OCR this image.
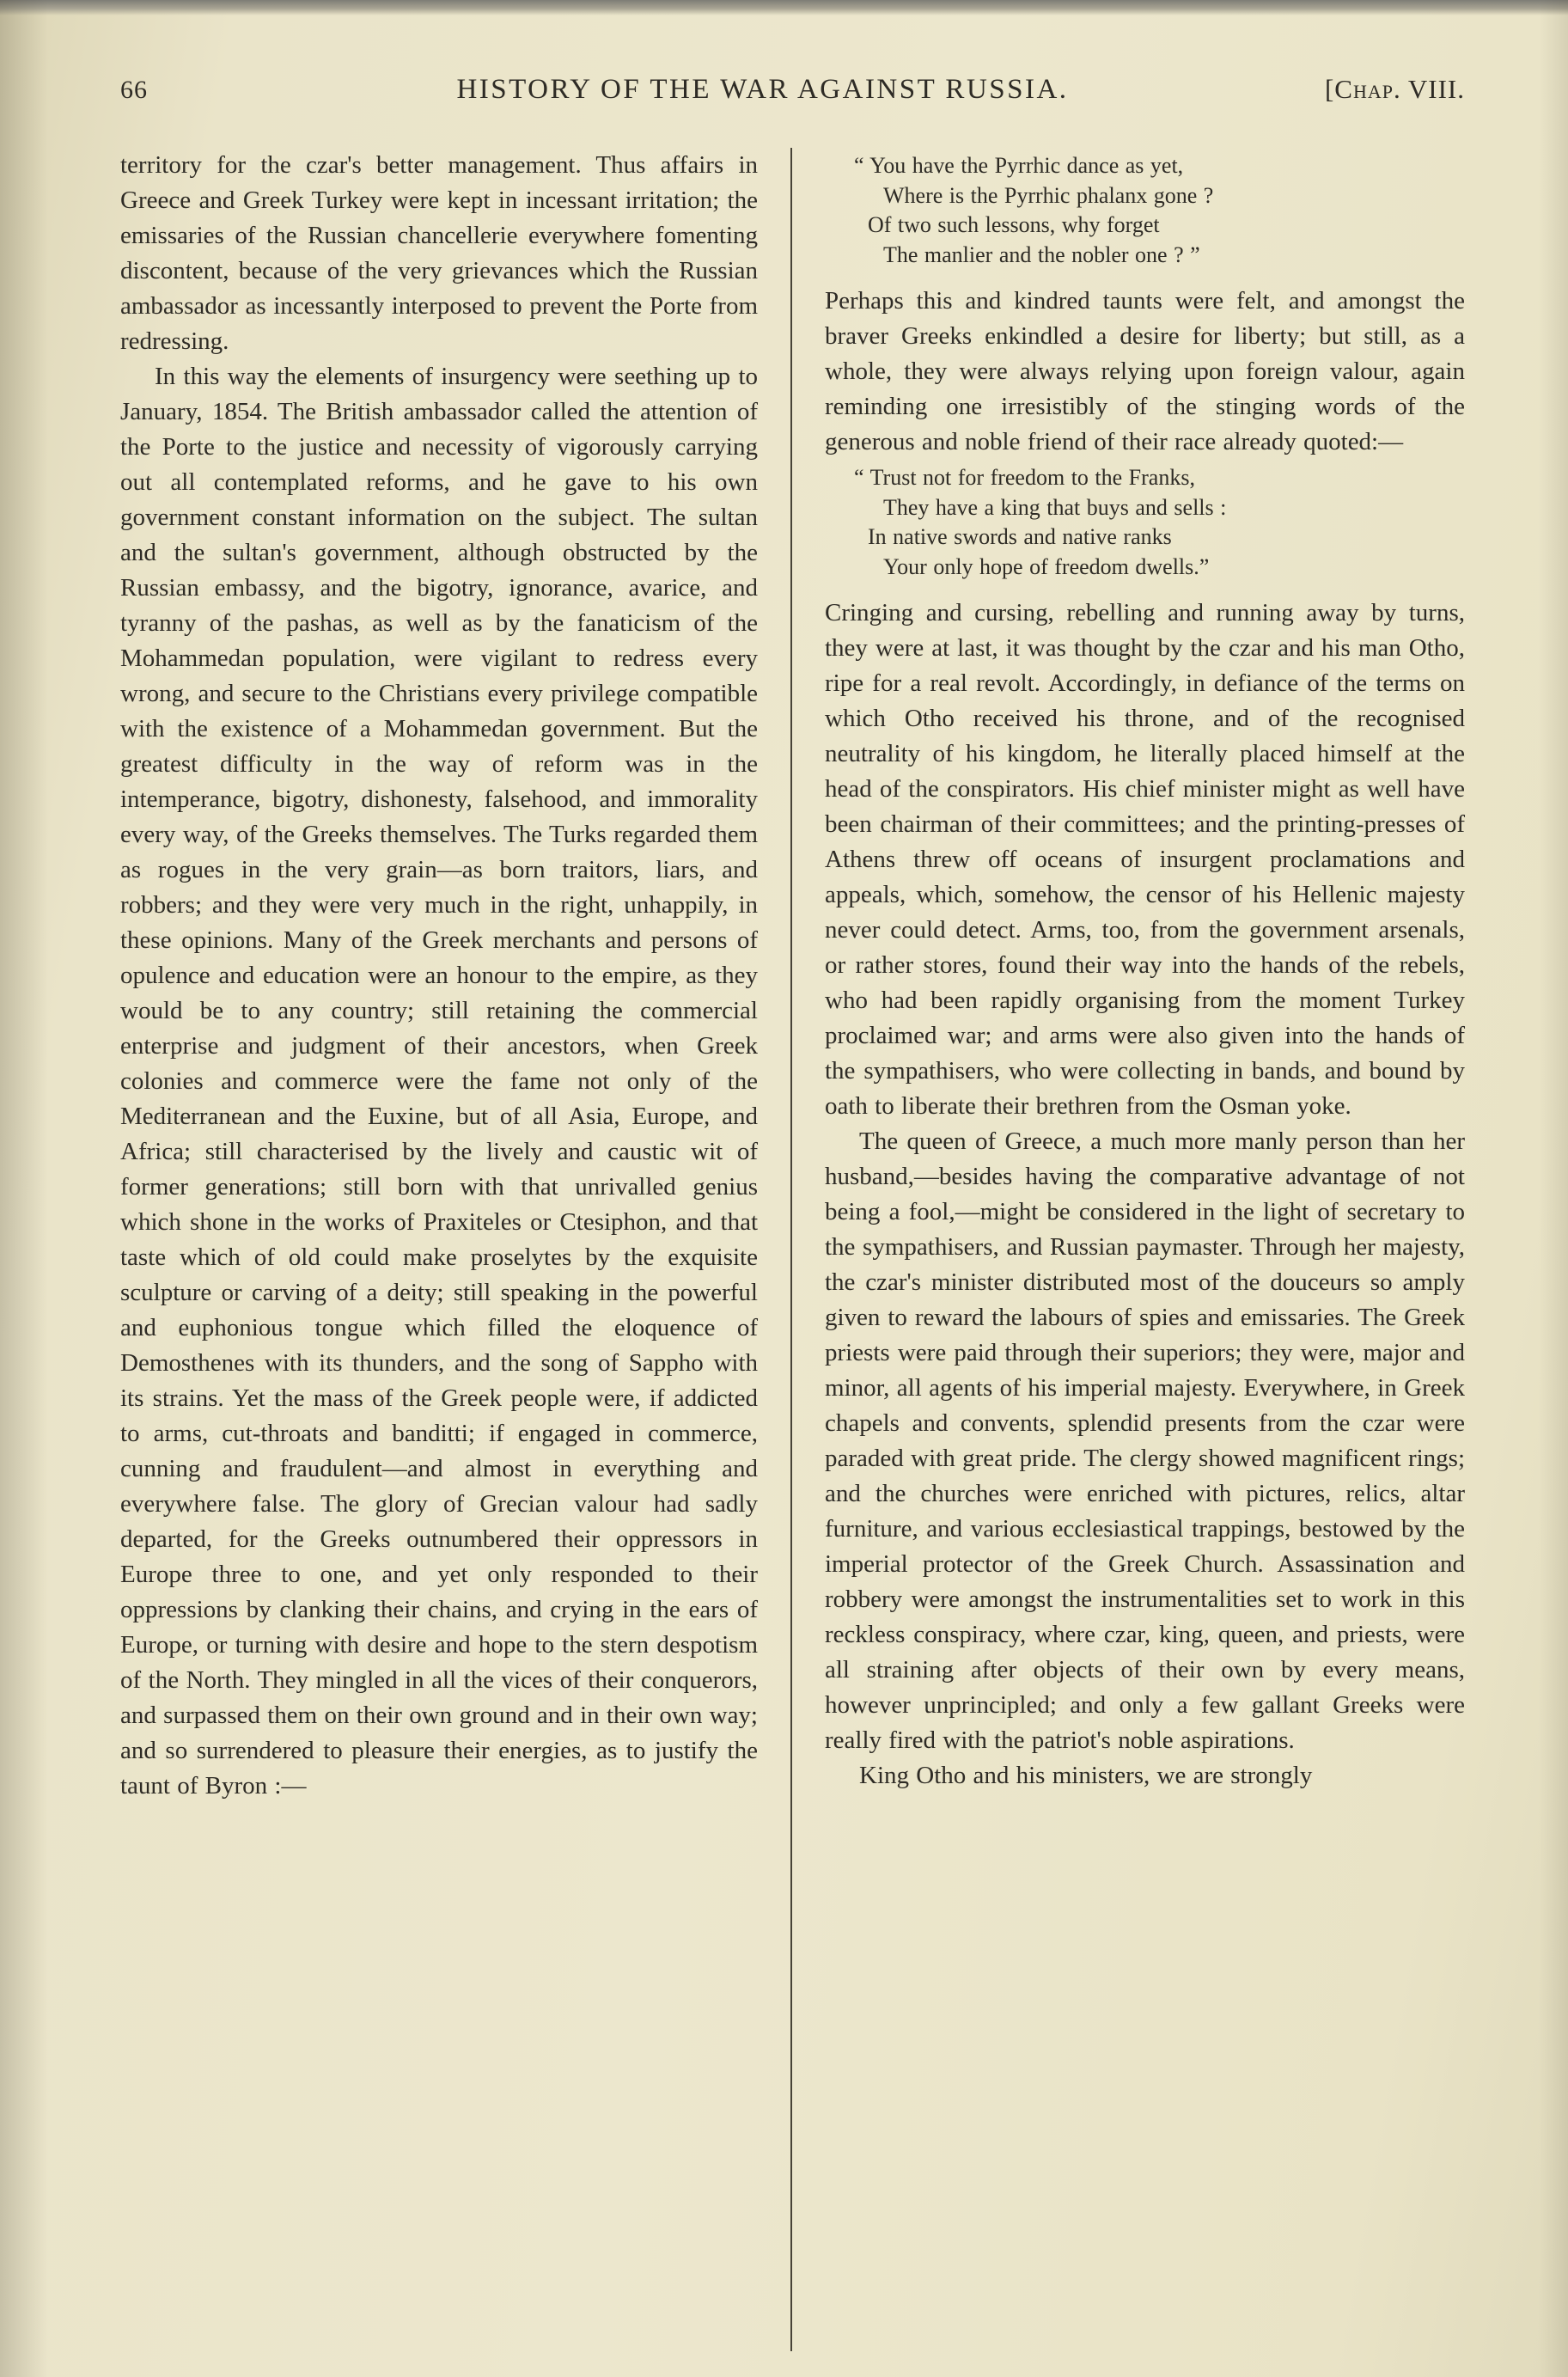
66	HISTORY OF THE WAR AGAINST RUSSIA.	[Chap. VIII.

territory for the czar's better management. Thus affairs in Greece and Greek Turkey were kept in incessant irritation; the emissaries of the Russian chancellerie everywhere fomenting discontent, because of the very grievances which the Russian ambassador as incessantly interposed to prevent the Porte from redressing.

In this way the elements of insurgency were seething up to January, 1854. The British ambassador called the attention of the Porte to the justice and necessity of vigorously carrying out all contemplated reforms, and he gave to his own government constant information on the subject. The sultan and the sultan's government, although obstructed by the Russian embassy, and the bigotry, ignorance, avarice, and tyranny of the pashas, as well as by the fanaticism of the Mohammedan population, were vigilant to redress every wrong, and secure to the Christians every privilege compatible with the existence of a Mohammedan government. But the greatest difficulty in the way of reform was in the intemperance, bigotry, dishonesty, falsehood, and immorality every way, of the Greeks themselves. The Turks regarded them as rogues in the very grain—as born traitors, liars, and robbers; and they were very much in the right, unhappily, in these opinions. Many of the Greek merchants and persons of opulence and education were an honour to the empire, as they would be to any country; still retaining the commercial enterprise and judgment of their ancestors, when Greek colonies and commerce were the fame not only of the Mediterranean and the Euxine, but of all Asia, Europe, and Africa; still characterised by the lively and caustic wit of former generations; still born with that unrivalled genius which shone in the works of Praxiteles or Ctesiphon, and that taste which of old could make proselytes by the exquisite sculpture or carving of a deity; still speaking in the powerful and euphonious tongue which filled the eloquence of Demosthenes with its thunders, and the song of Sappho with its strains. Yet the mass of the Greek people were, if addicted to arms, cut-throats and banditti; if engaged in commerce, cunning and fraudulent—and almost in everything and everywhere false. The glory of Grecian valour had sadly departed, for the Greeks outnumbered their oppressors in Europe three to one, and yet only responded to their oppressions by clanking their chains, and crying in the ears of Europe, or turning with desire and hope to the stern despotism of the North. They mingled in all the vices of their conquerors, and surpassed them on their own ground and in their own way; and so surrendered to pleasure their energies, as to justify the taunt of Byron :—

“ You have the Pyrrhic dance as yet,
Where is the Pyrrhic phalanx gone ?
Of two such lessons, why forget
The manlier and the nobler one ? ”

Perhaps this and kindred taunts were felt, and amongst the braver Greeks enkindled a desire for liberty; but still, as a whole, they were always relying upon foreign valour, again reminding one irresistibly of the stinging words of the generous and noble friend of their race already quoted:—

“ Trust not for freedom to the Franks,
They have a king that buys and sells :
In native swords and native ranks
Your only hope of freedom dwells.”

Cringing and cursing, rebelling and running away by turns, they were at last, it was thought by the czar and his man Otho, ripe for a real revolt. Accordingly, in defiance of the terms on which Otho received his throne, and of the recognised neutrality of his kingdom, he literally placed himself at the head of the conspirators. His chief minister might as well have been chairman of their committees; and the printing-presses of Athens threw off oceans of insurgent proclamations and appeals, which, somehow, the censor of his Hellenic majesty never could detect. Arms, too, from the government arsenals, or rather stores, found their way into the hands of the rebels, who had been rapidly organising from the moment Turkey proclaimed war; and arms were also given into the hands of the sympathisers, who were collecting in bands, and bound by oath to liberate their brethren from the Osman yoke.

The queen of Greece, a much more manly person than her husband,—besides having the comparative advantage of not being a fool,—might be considered in the light of secretary to the sympathisers, and Russian paymaster. Through her majesty, the czar's minister distributed most of the douceurs so amply given to reward the labours of spies and emissaries. The Greek priests were paid through their superiors; they were, major and minor, all agents of his imperial majesty. Everywhere, in Greek chapels and convents, splendid presents from the czar were paraded with great pride. The clergy showed magnificent rings; and the churches were enriched with pictures, relics, altar furniture, and various ecclesiastical trappings, bestowed by the imperial protector of the Greek Church. Assassination and robbery were amongst the instrumentalities set to work in this reckless conspiracy, where czar, king, queen, and priests, were all straining after objects of their own by every means, however unprincipled; and only a few gallant Greeks were really fired with the patriot's noble aspirations.

King Otho and his ministers, we are strongly
